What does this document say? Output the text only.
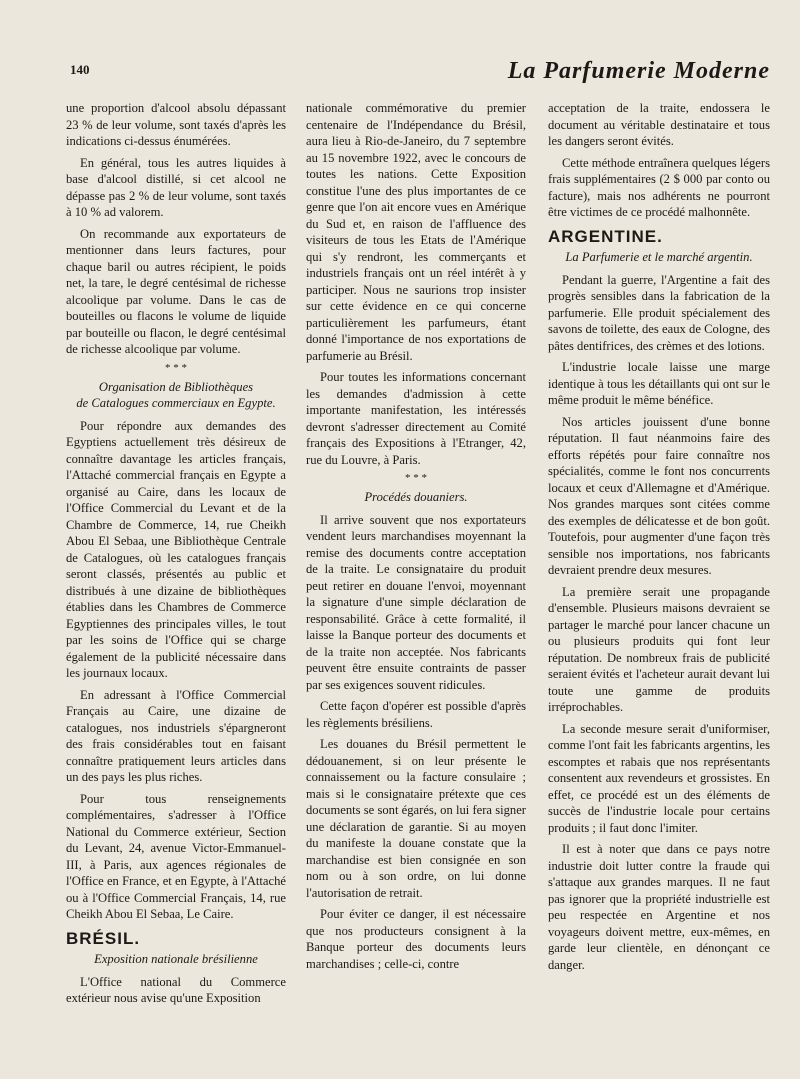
140	La Parfumerie Moderne

une proportion d'alcool absolu dépassant 23 % de leur volume, sont taxés d'après les indications ci-dessus énumérées.

En général, tous les autres liquides à base d'alcool distillé, si cet alcool ne dépasse pas 2 % de leur volume, sont taxés à 10 % ad valorem.

On recommande aux exportateurs de mentionner dans leurs factures, pour chaque baril ou autres récipient, le poids net, la tare, le degré centésimal de richesse alcoolique par volume. Dans le cas de bouteilles ou flacons le volume de liquide par bouteille ou flacon, le degré centésimal de richesse alcoolique par volume.

* * *
Organisation de Bibliothèques
de Catalogues commerciaux en Egypte.

Pour répondre aux demandes des Egyptiens actuellement très désireux de connaître davantage les articles français, l'Attaché commercial français en Egypte a organisé au Caire, dans les locaux de l'Office Commercial du Levant et de la Chambre de Commerce, 14, rue Cheikh Abou El Sebaa, une Bibliothèque Centrale de Catalogues, où les catalogues français seront classés, présentés au public et distribués à une dizaine de bibliothèques établies dans les Chambres de Commerce Egyptiennes des principales villes, le tout par les soins de l'Office qui se charge également de la publicité nécessaire dans les journaux locaux.

En adressant à l'Office Commercial Français au Caire, une dizaine de catalogues, nos industriels s'épargneront des frais considérables tout en faisant connaître pratiquement leurs articles dans un des pays les plus riches.

Pour tous renseignements complémentaires, s'adresser à l'Office National du Commerce extérieur, Section du Levant, 24, avenue Victor-Emmanuel-III, à Paris, aux agences régionales de l'Office en France, et en Egypte, à l'Attaché ou à l'Office Commercial Français, 14, rue Cheikh Abou El Sebaa, Le Caire.

BRÉSIL.
Exposition nationale brésilienne

L'Office national du Commerce extérieur nous avise qu'une Exposition

nationale commémorative du premier centenaire de l'Indépendance du Brésil, aura lieu à Rio-de-Janeiro, du 7 septembre au 15 novembre 1922, avec le concours de toutes les nations. Cette Exposition constitue l'une des plus importantes de ce genre que l'on ait encore vues en Amérique du Sud et, en raison de l'affluence des visiteurs de tous les Etats de l'Amérique qui s'y rendront, les commerçants et industriels français ont un réel intérêt à y participer. Nous ne saurions trop insister sur cette évidence en ce qui concerne particulièrement les parfumeurs, étant donné l'importance de nos exportations de parfumerie au Brésil.

Pour toutes les informations concernant les demandes d'admission à cette importante manifestation, les intéressés devront s'adresser directement au Comité français des Expositions à l'Etranger, 42, rue du Louvre, à Paris.

* * *
Procédés douaniers.

Il arrive souvent que nos exportateurs vendent leurs marchandises moyennant la remise des documents contre acceptation de la traite. Le consignataire du produit peut retirer en douane l'envoi, moyennant la signature d'une simple déclaration de responsabilité. Grâce à cette formalité, il laisse la Banque porteur des documents et de la traite non acceptée. Nos fabricants peuvent être ensuite contraints de passer par ses exigences souvent ridicules.

Cette façon d'opérer est possible d'après les règlements brésiliens.

Les douanes du Brésil permettent le dédouanement, si on leur présente le connaissement ou la facture consulaire ; mais si le consignataire prétexte que ces documents se sont égarés, on lui fera signer une déclaration de garantie. Si au moyen du manifeste la douane constate que la marchandise est bien consignée en son nom ou à son ordre, on lui donne l'autorisation de retrait.

Pour éviter ce danger, il est nécessaire que nos producteurs consignent à la Banque porteur des documents leurs marchandises ; celle-ci, contre

acceptation de la traite, endossera le document au véritable destinataire et tous les dangers seront évités.

Cette méthode entraînera quelques légers frais supplémentaires (2 $ 000 par conto ou facture), mais nos adhérents ne pourront être victimes de ce procédé malhonnête.

ARGENTINE.
La Parfumerie et le marché argentin.

Pendant la guerre, l'Argentine a fait des progrès sensibles dans la fabrication de la parfumerie. Elle produit spécialement des savons de toilette, des eaux de Cologne, des pâtes dentifrices, des crèmes et des lotions.

L'industrie locale laisse une marge identique à tous les détaillants qui ont sur le même produit le même bénéfice.

Nos articles jouissent d'une bonne réputation. Il faut néanmoins faire des efforts répétés pour faire connaître nos spécialités, comme le font nos concurrents locaux et ceux d'Allemagne et d'Amérique. Nos grandes marques sont citées comme des exemples de délicatesse et de bon goût. Toutefois, pour augmenter d'une façon très sensible nos importations, nos fabricants devraient prendre deux mesures.

La première serait une propagande d'ensemble. Plusieurs maisons devraient se partager le marché pour lancer chacune un ou plusieurs produits qui font leur réputation. De nombreux frais de publicité seraient évités et l'acheteur aurait devant lui toute une gamme de produits irréprochables.

La seconde mesure serait d'uniformiser, comme l'ont fait les fabricants argentins, les escomptes et rabais que nos représentants consentent aux revendeurs et grossistes. En effet, ce procédé est un des éléments de succès de l'industrie locale pour certains produits ; il faut donc l'imiter.

Il est à noter que dans ce pays notre industrie doit lutter contre la fraude qui s'attaque aux grandes marques. Il ne faut pas ignorer que la propriété industrielle est peu respectée en Argentine et nos voyageurs doivent mettre, eux-mêmes, en garde leur clientèle, en dénonçant ce danger.
